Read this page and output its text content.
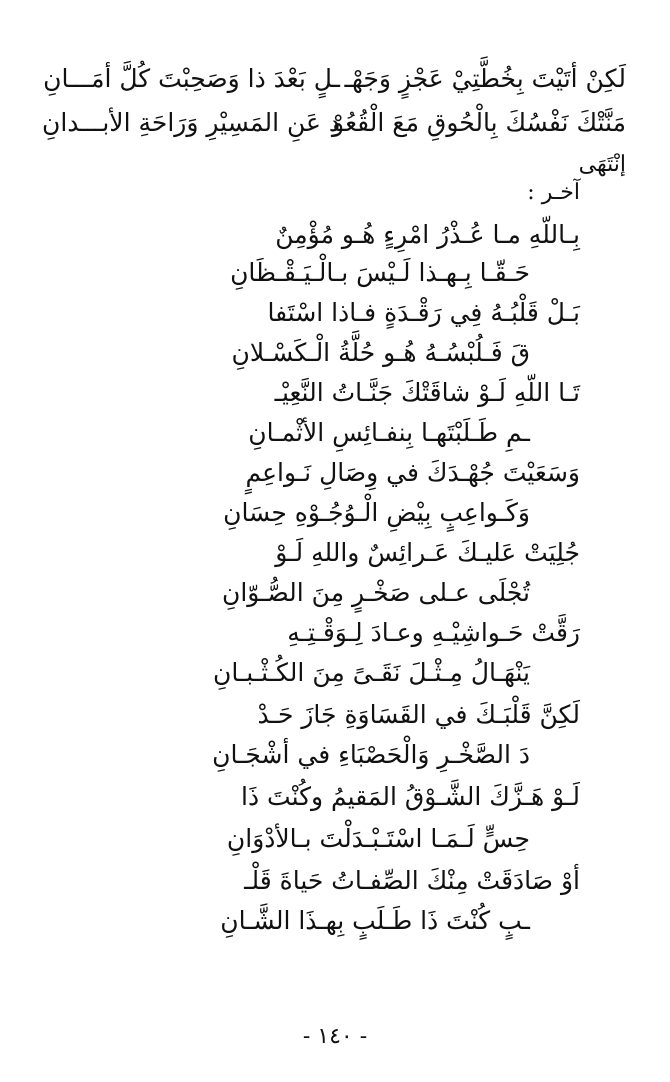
لَكِنْ أتَيْتَ بِخُطَّتِيْ عَجْزٍ وَجَهْـ
ـلٍ بَعْدَ ذا وَصَحِبْتَ كُلَّ أمَـــانِ
مَنَّتْكَ نَفْسُكَ بِالْحُوقِ مَعَ الْقُعُوْ
دِ عَنِ المَسِيْرِ وَرَاحَةِ الأبـــدانِ
إنْتَهَى
آخـر :
بِـاللّهِ مـا عُـذْرُ امْرِءٍ هُـو مُؤْمِنٌ
حَـقّـا بِـهـذا لَـيْسَ بـالْـيَـقْـظَانِ
بَـلْ قَلْبُـهُ فِي رَقْـدَةٍ فـاذا اسْتَفا
قَ فَـلُبْسُـهُ هُـو حُلَّةُ الْـكَسْـلانِ
تَـا اللّهِ لَـوْ شاقَتْكَ جَنَّـاتُ النَّعِيْـ
ـمِ طَـلَبْتَهـا بِنفـائِسِ الأثْمـانِ
وَسَعَيْتَ جُهْـدَكَ في وِصَالِ نَـواعِمٍ
وَكَـواعِبٍ بِيْضِ الْـوُجُـوْهِ حِسَانِ
جُلِيَتْ عَليـكَ عَـرائِسٌ واللهِ لَـوْ
تُجْلَى عـلى صَخْـرٍ مِنَ الصُّـوّانِ
رَقَّتْ حَـواشِيْـهِ وعـادَ لِـوَقْـتِـهِ
يَنْهَـالُ مِـثْـلَ نَقَـىً مِنَ الكُـثْـبـانِ
لَكِنَّ قَلْبَـكَ في القَسَاوَةِ جَازَ حَـدْ
دَ الصَّخْـرِ وَالْحَصْبَاءِ في أشْجَـانِ
لَـوْ هَـزَّكَ الشَّـوْقُ المَقيمُ وكُنْتَ ذَا
حِسٍّ لَـمَـا اسْتَـبْـدَلْتَ بـالأدْوَانِ
أوْ صَادَقَتْ مِنْكَ الصِّفـاتُ حَياةَ قَلْـ
ـبٍ كُنْتَ ذَا طَـلَبٍ بِهـذَا الشَّـانِ
- ١٤٠ -
